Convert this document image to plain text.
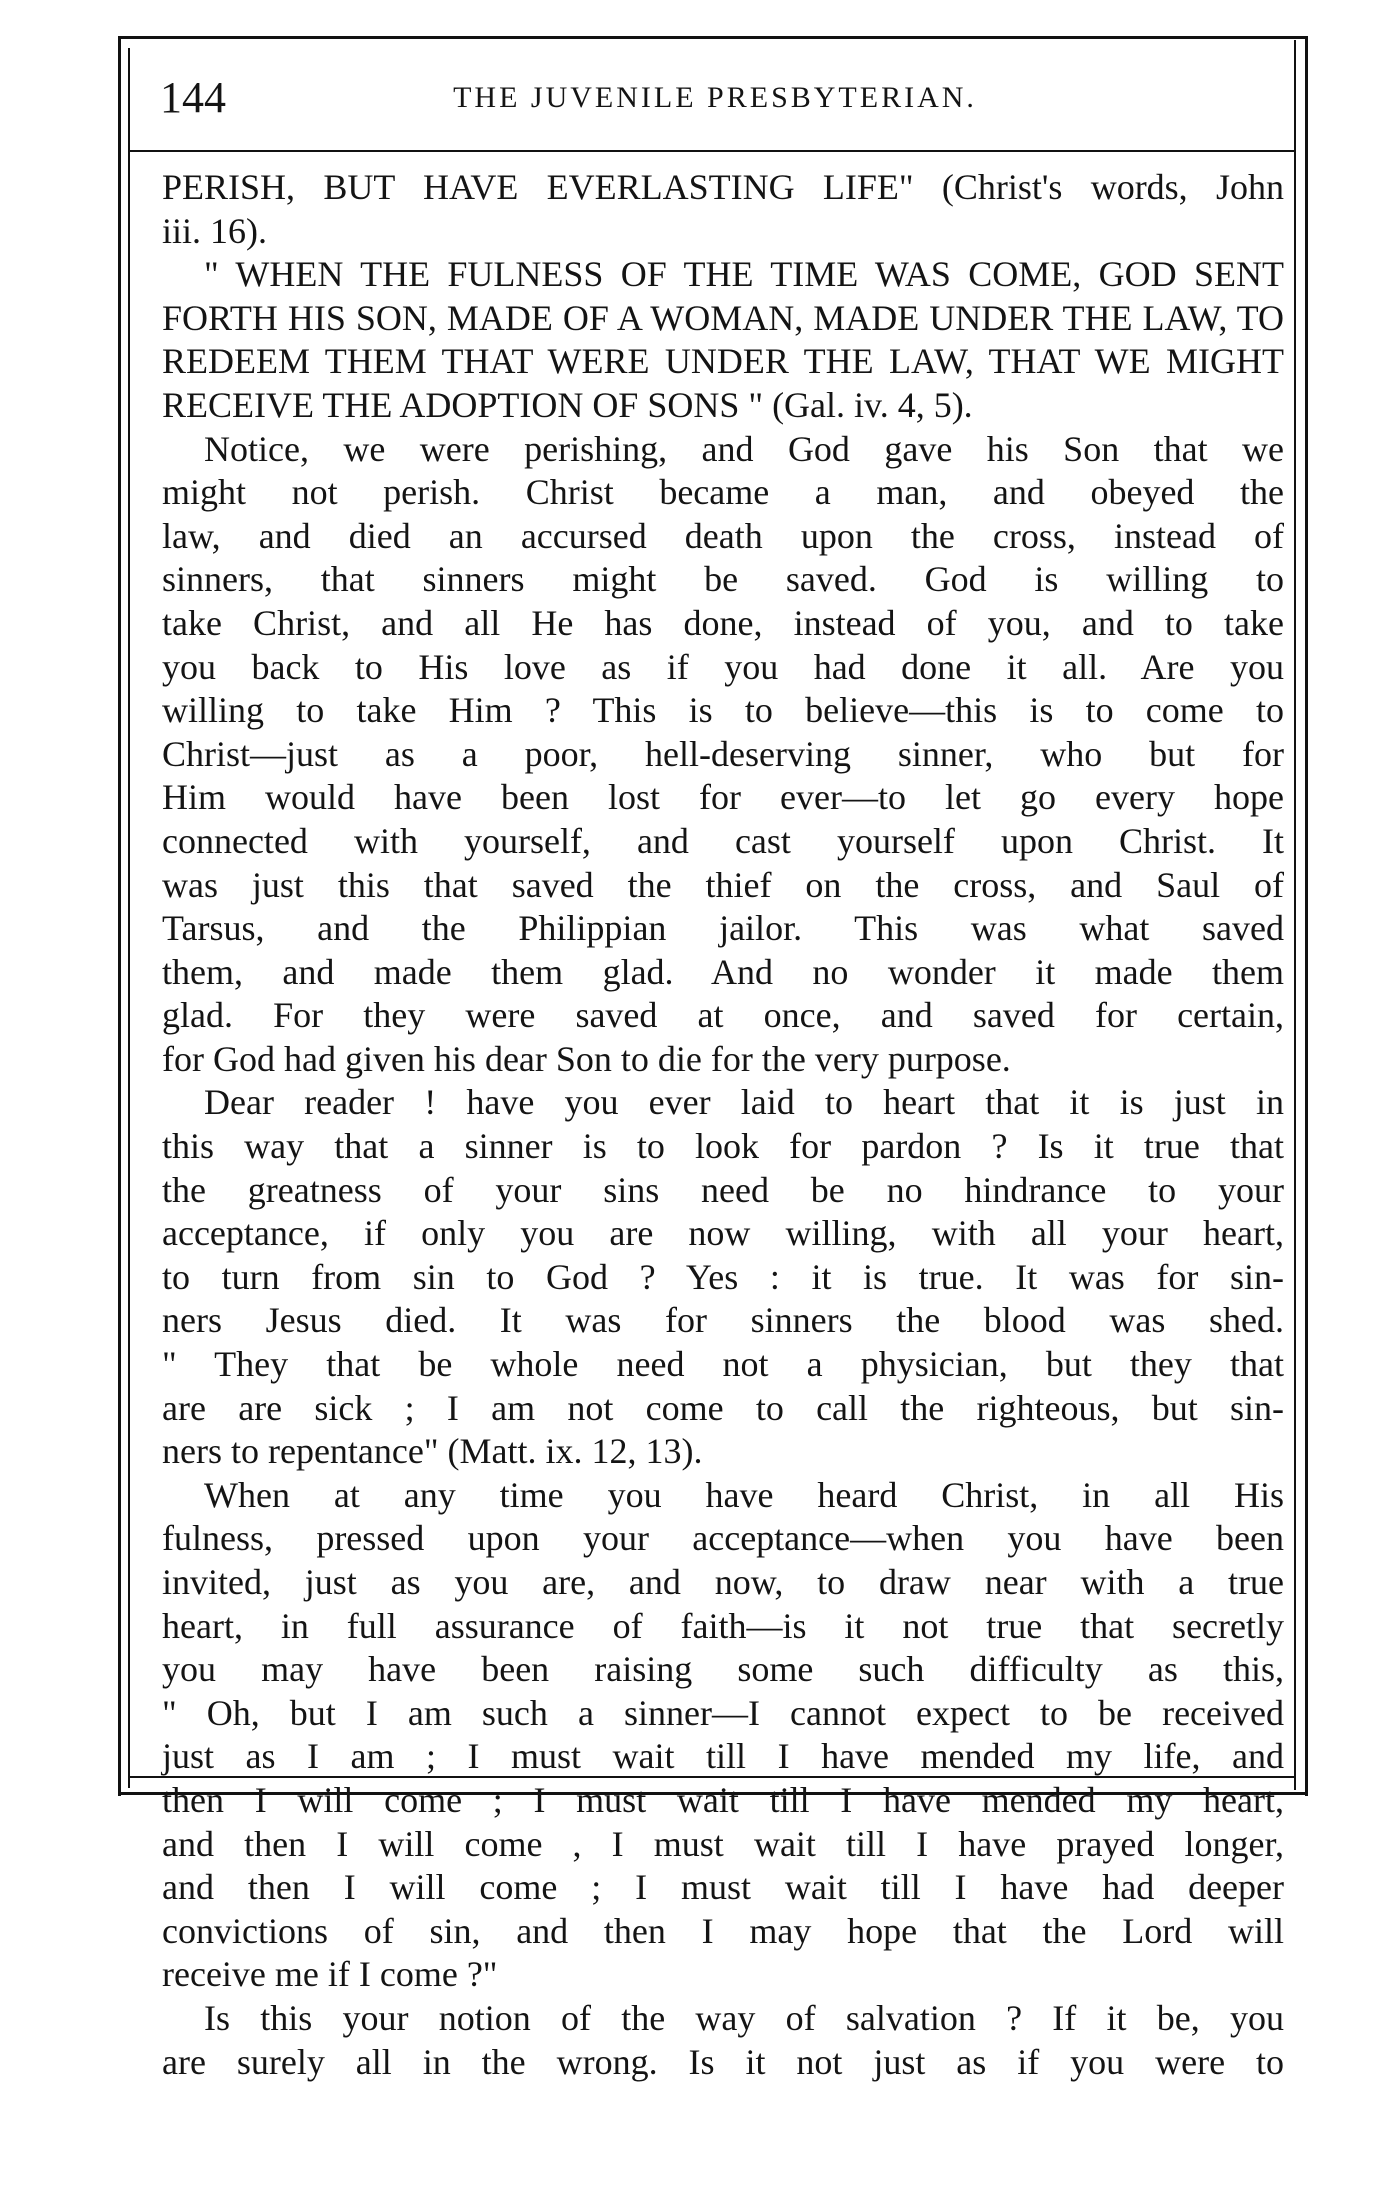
144	THE JUVENILE PRESBYTERIAN.
PERISH, BUT HAVE EVERLASTING LIFE" (Christ's words, John
iii. 16).
" WHEN THE FULNESS OF THE TIME WAS COME, GOD SENT
FORTH HIS SON, MADE OF A WOMAN, MADE UNDER THE LAW, TO
REDEEM THEM THAT WERE UNDER THE LAW, THAT WE MIGHT
RECEIVE THE ADOPTION OF SONS " (Gal. iv. 4, 5).
Notice, we were perishing, and God gave his Son that we
might not perish. Christ became a man, and obeyed the
law, and died an accursed death upon the cross, instead of
sinners, that sinners might be saved. God is willing to
take Christ, and all He has done, instead of you, and to take
you back to His love as if you had done it all. Are you
willing to take Him ? This is to believe—this is to come to
Christ—just as a poor, hell-deserving sinner, who but for
Him would have been lost for ever—to let go every hope
connected with yourself, and cast yourself upon Christ. It
was just this that saved the thief on the cross, and Saul of
Tarsus, and the Philippian jailor. This was what saved
them, and made them glad. And no wonder it made them
glad. For they were saved at once, and saved for certain,
for God had given his dear Son to die for the very purpose.
Dear reader ! have you ever laid to heart that it is just in
this way that a sinner is to look for pardon ? Is it true that
the greatness of your sins need be no hindrance to your
acceptance, if only you are now willing, with all your heart,
to turn from sin to God ? Yes : it is true. It was for sin-
ners Jesus died. It was for sinners the blood was shed.
" They that be whole need not a physician, but they that
are are sick ; I am not come to call the righteous, but sin-
ners to repentance" (Matt. ix. 12, 13).
When at any time you have heard Christ, in all His
fulness, pressed upon your acceptance—when you have been
invited, just as you are, and now, to draw near with a true
heart, in full assurance of faith—is it not true that secretly
you may have been raising some such difficulty as this,
" Oh, but I am such a sinner—I cannot expect to be received
just as I am ; I must wait till I have mended my life, and
then I will come ; I must wait till I have mended my heart,
and then I will come , I must wait till I have prayed longer,
and then I will come ; I must wait till I have had deeper
convictions of sin, and then I may hope that the Lord will
receive me if I come ?"
Is this your notion of the way of salvation ? If it be, you
are surely all in the wrong. Is it not just as if you were to
